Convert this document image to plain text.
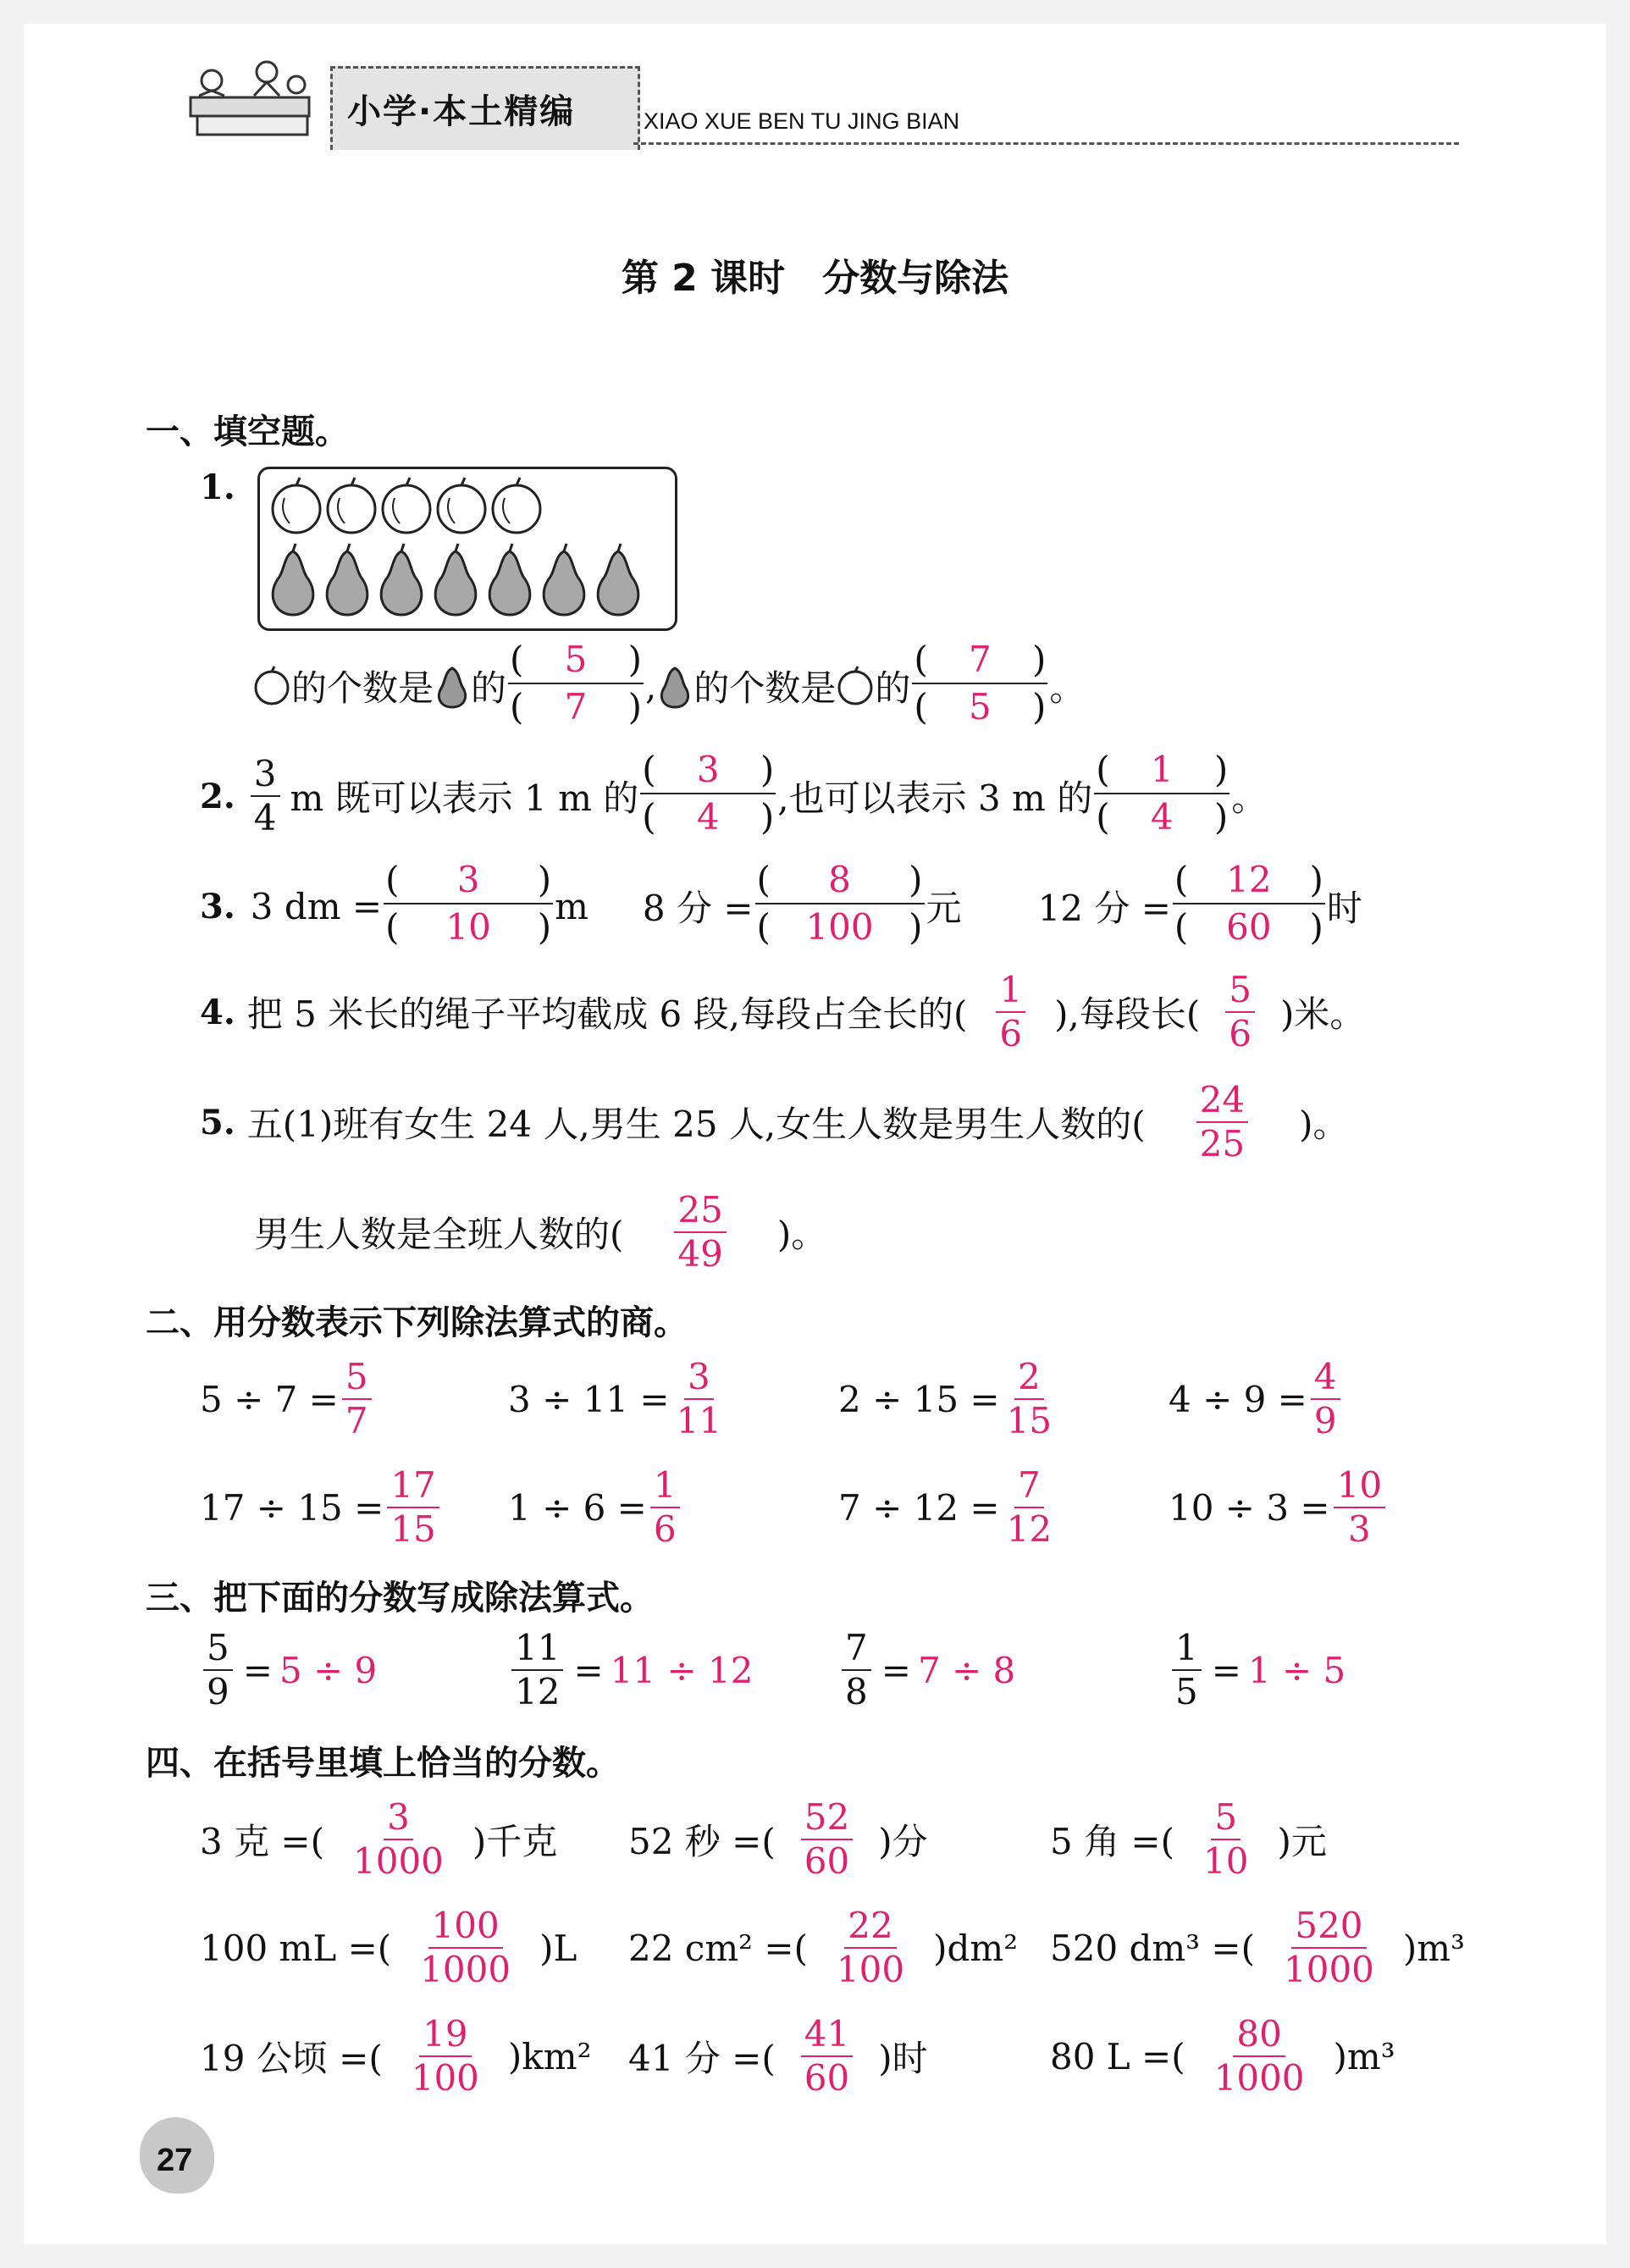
小学·本土精编	XIAO XUE BEN TU JING BIAN
第 2 课时　分数与除法
一、填空题。
1.
的个数是 的
( 5 )
( 7 ) , 的个数是 的
( 7 )
( 5 ) 。
2. $\frac{3}{4}$ m 既可以表示 1 m 的
( 3 )
( 4 ) ,也可以表示 3 m 的
( 1 )
( 4 ) 。
3. 3 dm = $\frac{( 3 )}{( 10 )}$ m 8 分 = $\frac{( 8 )}{( 100 )}$ 元 12 分 = $\frac{( 12 )}{( 60 )}$ 时
4. 把 5 米长的绳子平均截成 6 段,每段占全长的( $\frac{1}{6}$ ),每段长( $\frac{5}{6}$ )米。
5. 五(1)班有女生 24 人,男生 25 人,女生人数是男生人数的( $\frac{24}{25}$ )。
男生人数是全班人数的( $\frac{25}{49}$ )。
二、用分数表示下列除法算式的商。
$5 \div 7 = \frac{5}{7}$	$3 \div 11 = \frac{3}{11}$	$2 \div 15 = \frac{2}{15}$	$4 \div 9 = \frac{4}{9}$
$17 \div 15 = \frac{17}{15} 1 \div 6 = \frac{1}{6}$	$7 \div 12 = \frac{7}{12}$	$10 \div 3 = \frac{10}{3}$
三、把下面的分数写成除法算式。
$\frac{5}{9} = 5 \div 9$	$\frac{11}{12} = 11 \div 12 \frac{7}{8} = 7 \div 8$	$\frac{1}{5} = 1 \div 5$
四、在括号里填上恰当的分数。
3 克 =( $\frac{3}{1000}$ )千克 52 秒 =( $\frac{52}{60}$ )分	5 角 =( $\frac{5}{10}$ )元
100 mL =( $\frac{100}{1000} )L$ 22 cm² =( $\frac{22}{100} )dm^2$ 520 dm³ =( $\frac{520}{1000} )m^3$
19 公顷 =( $\frac{19}{100} )km^2$ 41 分 =( $\frac{41}{60}$ )时	80 L =( $\frac{80}{1000} )m^3$
27
